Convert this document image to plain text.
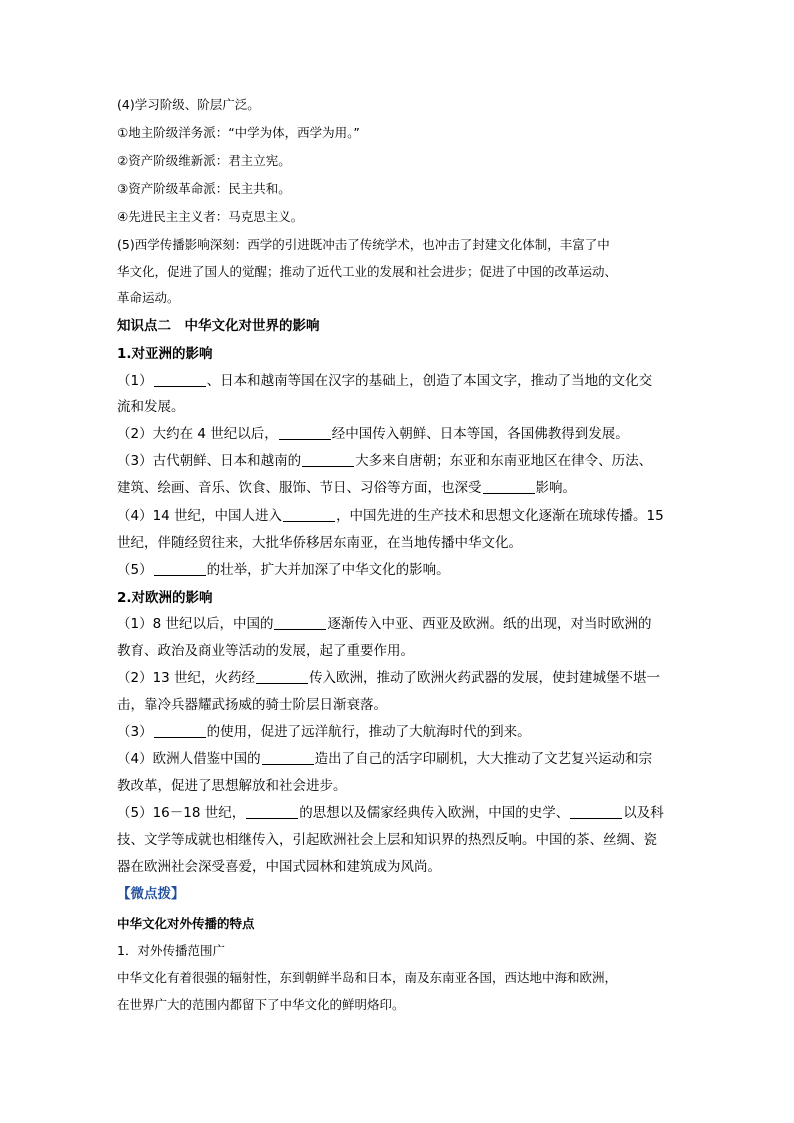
(4)学习阶级、阶层广泛。
①地主阶级洋务派：“中学为体，西学为用。”
②资产阶级维新派：君主立宪。
③资产阶级革命派：民主共和。
④先进民主主义者：马克思主义。
(5)西学传播影响深刻：西学的引进既冲击了传统学术，也冲击了封建文化体制，丰富了中
华文化，促进了国人的觉醒；推动了近代工业的发展和社会进步；促进了中国的改革运动、
革命运动。
知识点二　中华文化对世界的影响
1.对亚洲的影响
（1）	、日本和越南等国在汉字的基础上，创造了本国文字，推动了当地的文化交
流和发展。
（2）大约在 4 世纪以后，	经中国传入朝鲜、日本等国，各国佛教得到发展。
（3）古代朝鲜、日本和越南的	大多来自唐朝；东亚和东南亚地区在律令、历法、
建筑、绘画、音乐、饮食、服饰、节日、习俗等方面，也深受	影响。
（4）14 世纪，中国人进入	，中国先进的生产技术和思想文化逐渐在琉球传播。15
世纪，伴随经贸往来，大批华侨移居东南亚，在当地传播中华文化。
（5）	的壮举，扩大并加深了中华文化的影响。
2.对欧洲的影响
（1）8 世纪以后，中国的	逐渐传入中亚、西亚及欧洲。纸的出现，对当时欧洲的
教育、政治及商业等活动的发展，起了重要作用。
（2）13 世纪，火药经	传入欧洲，推动了欧洲火药武器的发展，使封建城堡不堪一
击，靠冷兵器耀武扬威的骑士阶层日渐衰落。
（3）	的使用，促进了远洋航行，推动了大航海时代的到来。
（4）欧洲人借鉴中国的	造出了自己的活字印刷机，大大推动了文艺复兴运动和宗
教改革，促进了思想解放和社会进步。
（5）16－18 世纪，	的思想以及儒家经典传入欧洲，中国的史学、	以及科
技、文学等成就也相继传入，引起欧洲社会上层和知识界的热烈反响。中国的茶、丝绸、瓷
器在欧洲社会深受喜爱，中国式园林和建筑成为风尚。
【微点拨】
中华文化对外传播的特点
1．对外传播范围广
中华文化有着很强的辐射性，东到朝鲜半岛和日本，南及东南亚各国，西达地中海和欧洲，
在世界广大的范围内都留下了中华文化的鲜明烙印。
